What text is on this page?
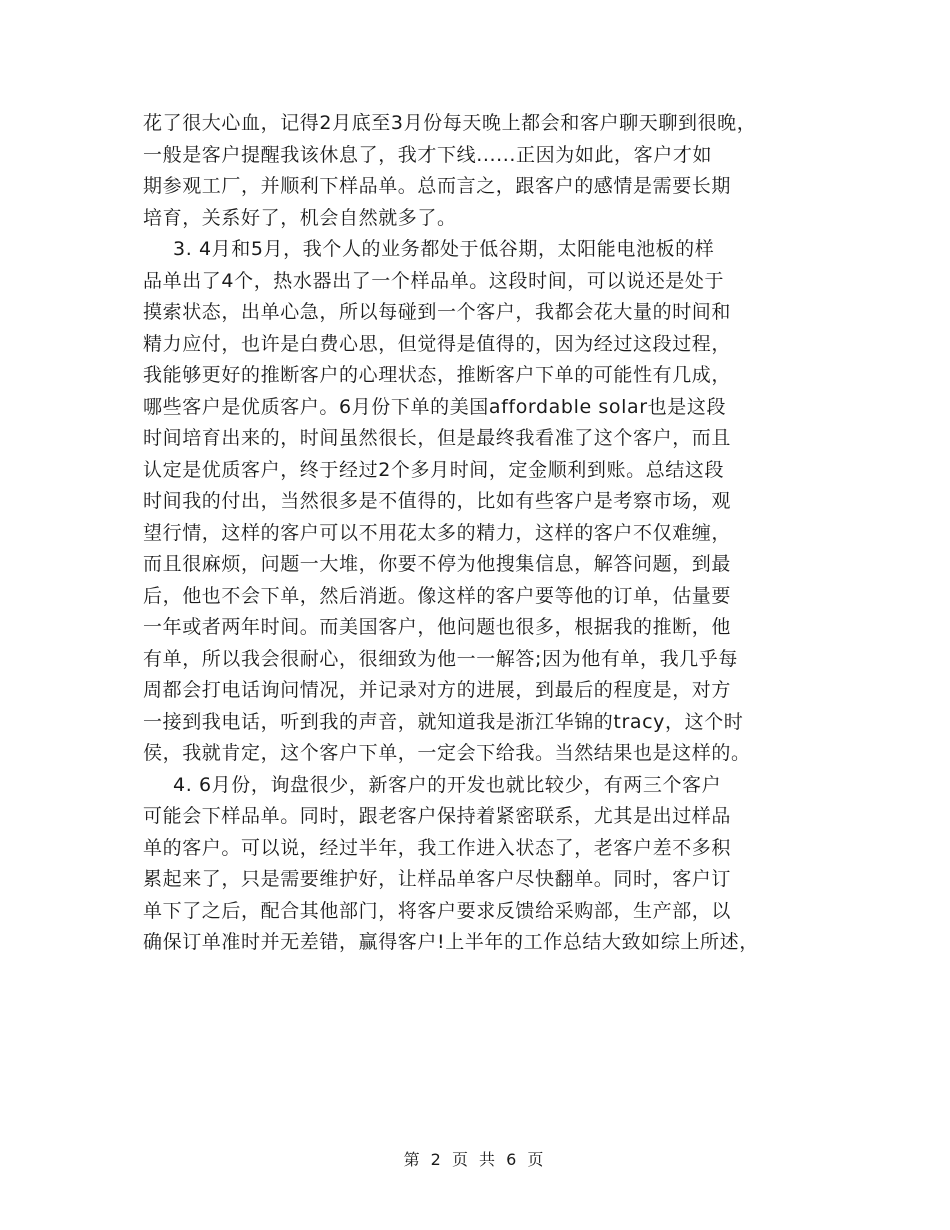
花了很大心血，记得2月底至3月份每天晚上都会和客户聊天聊到很晚，
一般是客户提醒我该休息了，我才下线......正因为如此，客户才如
期参观工厂，并顺利下样品单。总而言之，跟客户的感情是需要长期
培育，关系好了，机会自然就多了。
3. 4月和5月，我个人的业务都处于低谷期，太阳能电池板的样
品单出了4个，热水器出了一个样品单。这段时间，可以说还是处于
摸索状态，出单心急，所以每碰到一个客户，我都会花大量的时间和
精力应付，也许是白费心思，但觉得是值得的，因为经过这段过程，
我能够更好的推断客户的心理状态，推断客户下单的可能性有几成，
哪些客户是优质客户。6月份下单的美国affordable solar也是这段
时间培育出来的，时间虽然很长，但是最终我看准了这个客户，而且
认定是优质客户，终于经过2个多月时间，定金顺利到账。总结这段
时间我的付出，当然很多是不值得的，比如有些客户是考察市场，观
望行情，这样的客户可以不用花太多的精力，这样的客户不仅难缠，
而且很麻烦，问题一大堆，你要不停为他搜集信息，解答问题，到最
后，他也不会下单，然后消逝。像这样的客户要等他的订单，估量要
一年或者两年时间。而美国客户，他问题也很多，根据我的推断，他
有单，所以我会很耐心，很细致为他一一解答;因为他有单，我几乎每
周都会打电话询问情况，并记录对方的进展，到最后的程度是，对方
一接到我电话，听到我的声音，就知道我是浙江华锦的tracy，这个时
侯，我就肯定，这个客户下单，一定会下给我。当然结果也是这样的。
4. 6月份，询盘很少，新客户的开发也就比较少，有两三个客户
可能会下样品单。同时，跟老客户保持着紧密联系，尤其是出过样品
单的客户。可以说，经过半年，我工作进入状态了，老客户差不多积
累起来了，只是需要维护好，让样品单客户尽快翻单。同时，客户订
单下了之后，配合其他部门，将客户要求反馈给采购部，生产部，以
确保订单准时并无差错，赢得客户!上半年的工作总结大致如综上所述，
第 2 页 共 6 页
